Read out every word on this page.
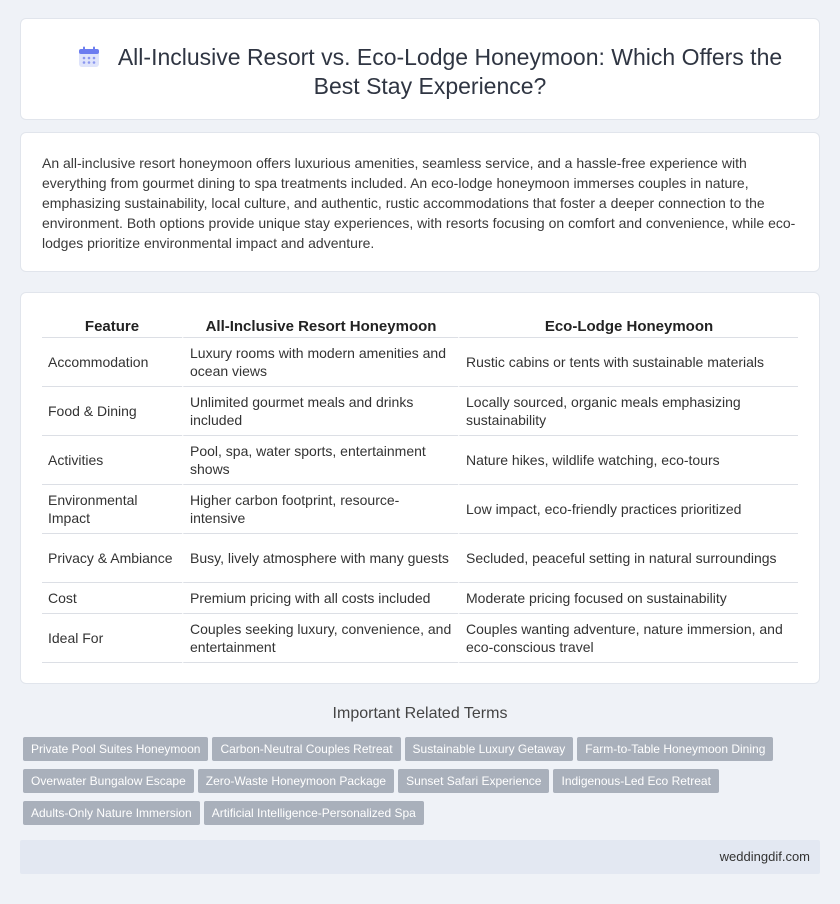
All-Inclusive Resort vs. Eco-Lodge Honeymoon: Which Offers the Best Stay Experience?

An all-inclusive resort honeymoon offers luxurious amenities, seamless service, and a hassle-free experience with everything from gourmet dining to spa treatments included. An eco-lodge honeymoon immerses couples in nature, emphasizing sustainability, local culture, and authentic, rustic accommodations that foster a deeper connection to the environment. Both options provide unique stay experiences, with resorts focusing on comfort and convenience, while eco-lodges prioritize environmental impact and adventure.

Feature	All-Inclusive Resort Honeymoon	Eco-Lodge Honeymoon
Accommodation	Luxury rooms with modern amenities and ocean views	Rustic cabins or tents with sustainable materials
Food & Dining	Unlimited gourmet meals and drinks included	Locally sourced, organic meals emphasizing sustainability
Activities	Pool, spa, water sports, entertainment shows	Nature hikes, wildlife watching, eco-tours
Environmental Impact	Higher carbon footprint, resource-intensive	Low impact, eco-friendly practices prioritized
Privacy & Ambiance	Busy, lively atmosphere with many guests	Secluded, peaceful setting in natural surroundings
Cost	Premium pricing with all costs included	Moderate pricing focused on sustainability
Ideal For	Couples seeking luxury, convenience, and entertainment	Couples wanting adventure, nature immersion, and eco-conscious travel
Important Related Terms
Private Pool Suites Honeymoon Carbon-Neutral Couples Retreat Sustainable Luxury Getaway Farm-to-Table Honeymoon Dining
Overwater Bungalow Escape Zero-Waste Honeymoon Package Sunset Safari Experience Indigenous-Led Eco Retreat
Adults-Only Nature Immersion Artificial Intelligence-Personalized Spa
weddingdif.com
